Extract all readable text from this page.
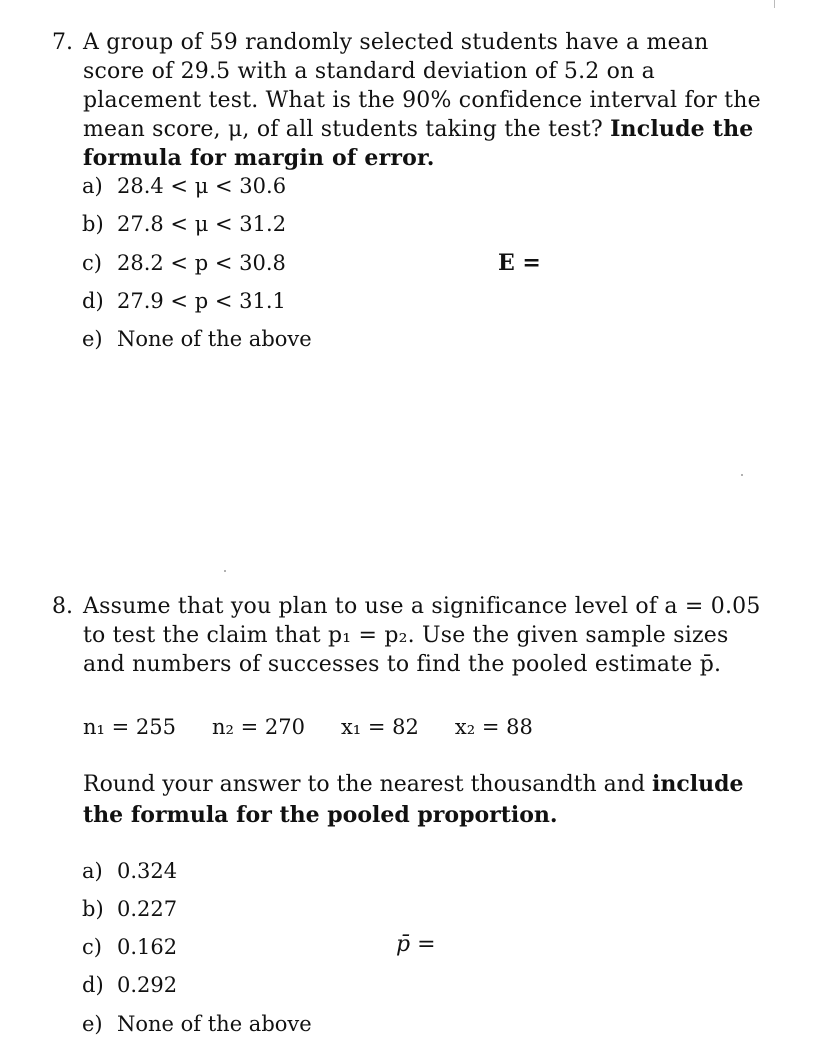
7. A group of 59 randomly selected students have a mean score of 29.5 with a standard deviation of 5.2 on a placement test. What is the 90% confidence interval for the mean score, μ, of all students taking the test? Include the formula for margin of error.
a) 28.4 < μ < 30.6
b) 27.8 < μ < 31.2
c) 28.2 < p < 30.8
d) 27.9 < p < 31.1
e) None of the above
E =
8. Assume that you plan to use a significance level of a = 0.05 to test the claim that p₁ = p₂. Use the given sample sizes and numbers of successes to find the pooled estimate p̄.
n₁ = 255 n₂ = 270 x₁ = 82 x₂ = 88
Round your answer to the nearest thousandth and include the formula for the pooled proportion.
a) 0.324
b) 0.227
c) 0.162
d) 0.292
e) None of the above
p̄ =
